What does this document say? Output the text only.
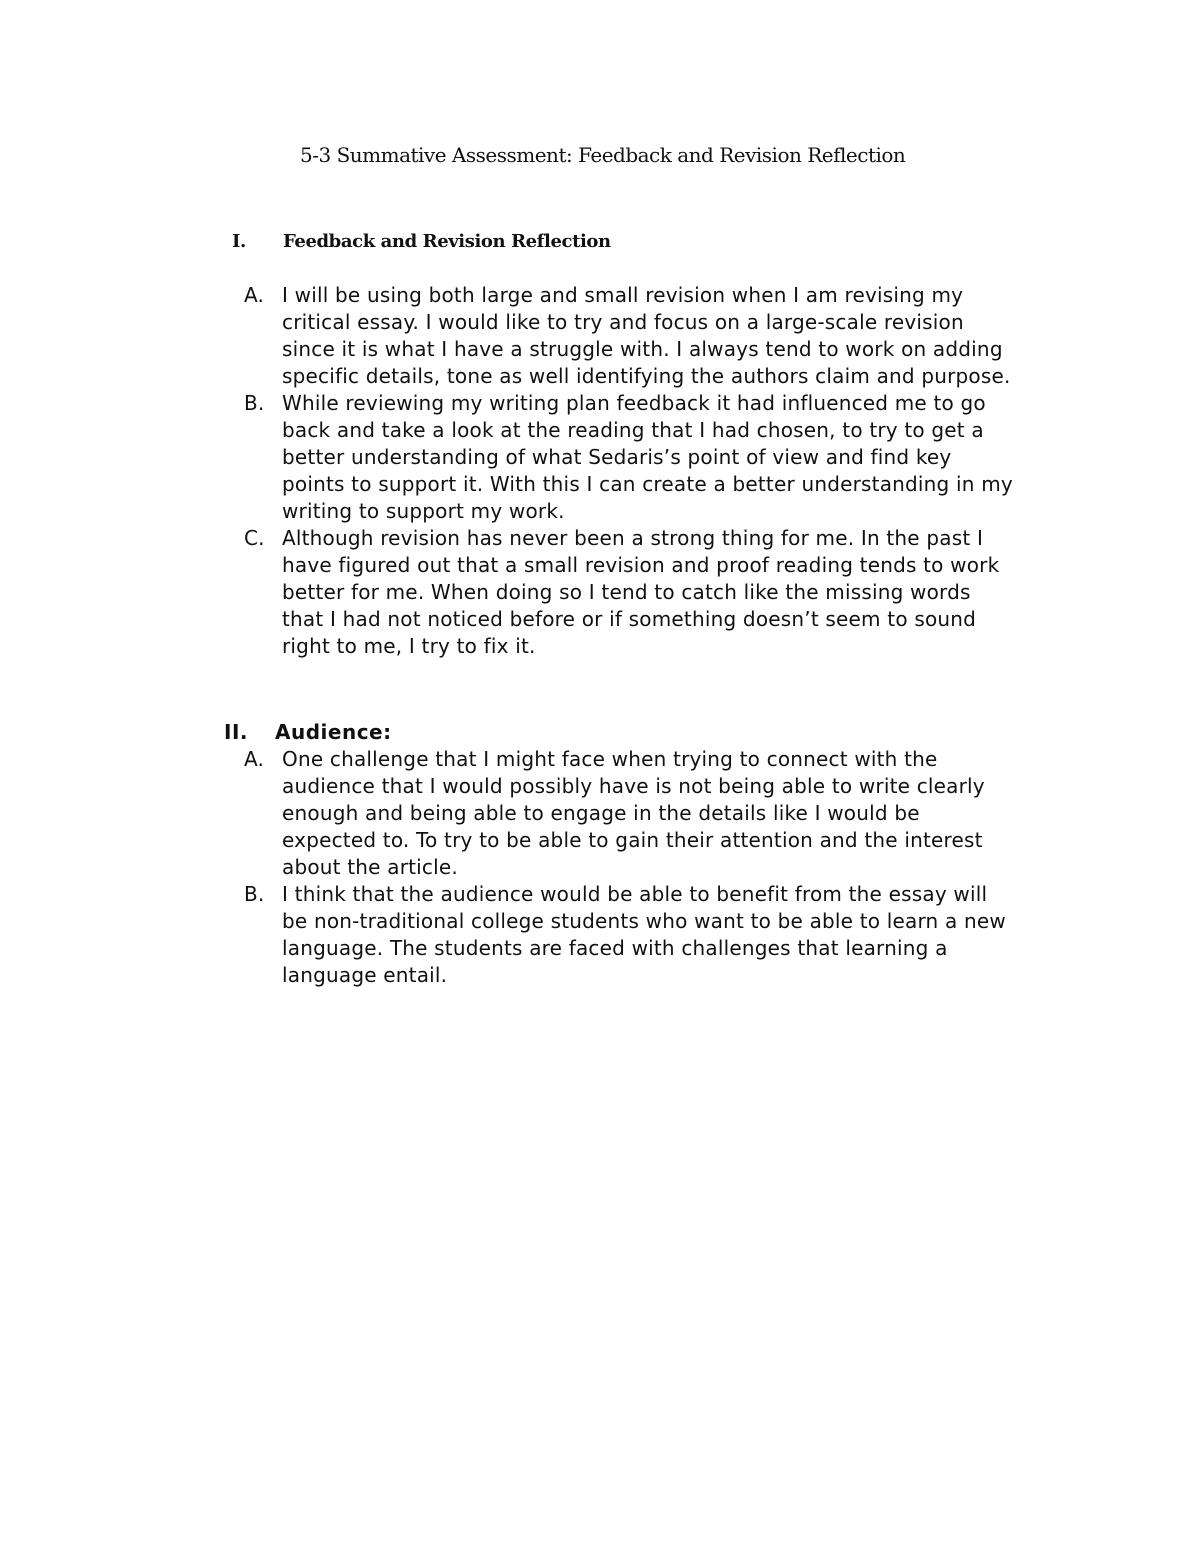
5-3 Summative Assessment: Feedback and Revision Reflection
I. Feedback and Revision Reflection
A. I will be using both large and small revision when I am revising my
critical essay. I would like to try and focus on a large-scale revision
since it is what I have a struggle with. I always tend to work on adding
specific details, tone as well identifying the authors claim and purpose.
B. While reviewing my writing plan feedback it had influenced me to go
back and take a look at the reading that I had chosen, to try to get a
better understanding of what Sedaris’s point of view and find key
points to support it. With this I can create a better understanding in my
writing to support my work.
C. Although revision has never been a strong thing for me. In the past I
have figured out that a small revision and proof reading tends to work
better for me. When doing so I tend to catch like the missing words
that I had not noticed before or if something doesn’t seem to sound
right to me, I try to fix it.
II. Audience:
A. One challenge that I might face when trying to connect with the
audience that I would possibly have is not being able to write clearly
enough and being able to engage in the details like I would be
expected to. To try to be able to gain their attention and the interest
about the article.
B. I think that the audience would be able to benefit from the essay will
be non-traditional college students who want to be able to learn a new
language. The students are faced with challenges that learning a
language entail.
